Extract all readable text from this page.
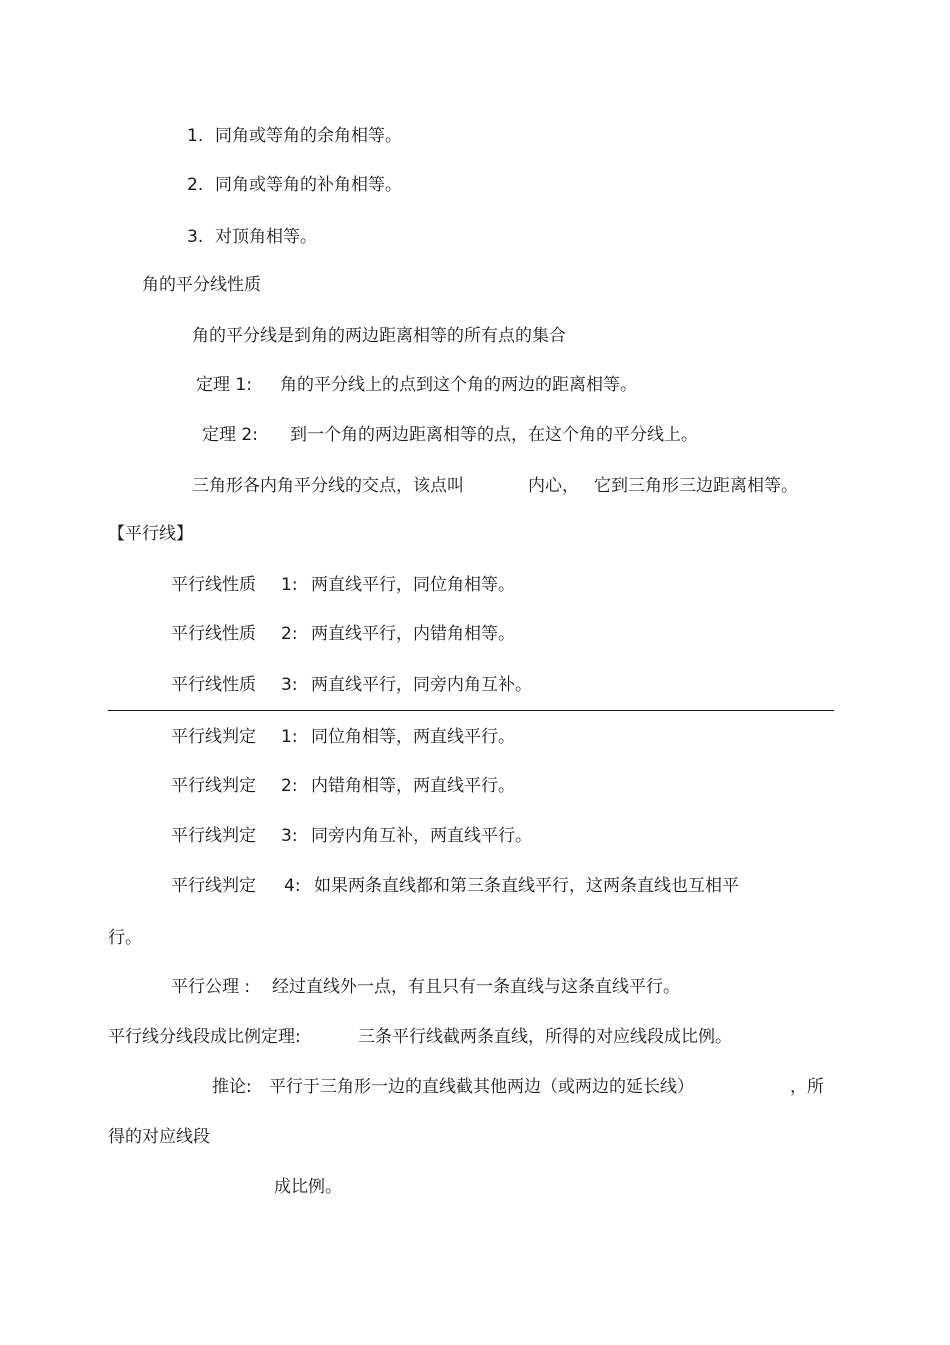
1. 同角或等角的余角相等。
2. 同角或等角的补角相等。
3. 对顶角相等。
角的平分线性质
角的平分线是到角的两边距离相等的所有点的集合
定理 1: 角的平分线上的点到这个角的两边的距离相等。
定理 2: 到一个角的两边距离相等的点，在这个角的平分线上。
三角形各内角平分线的交点，该点叫	内心， 它到三角形三边距离相等。
【平行线】
平行线性质 1: 两直线平行，同位角相等。
平行线性质 2: 两直线平行，内错角相等。
平行线性质 3: 两直线平行，同旁内角互补。
平行线判定 1: 同位角相等，两直线平行。
平行线判定 2: 内错角相等，两直线平行。
平行线判定 3: 同旁内角互补，两直线平行。
平行线判定 4: 如果两条直线都和第三条直线平行，这两条直线也互相平
行。
平行公理 : 经过直线外一点，有且只有一条直线与这条直线平行。
平行线分线段成比例定理:	三条平行线截两条直线，所得的对应线段成比例。
推论: 平行于三角形一边的直线截其他两边（或两边的延长线）	，所
得的对应线段
成比例。
